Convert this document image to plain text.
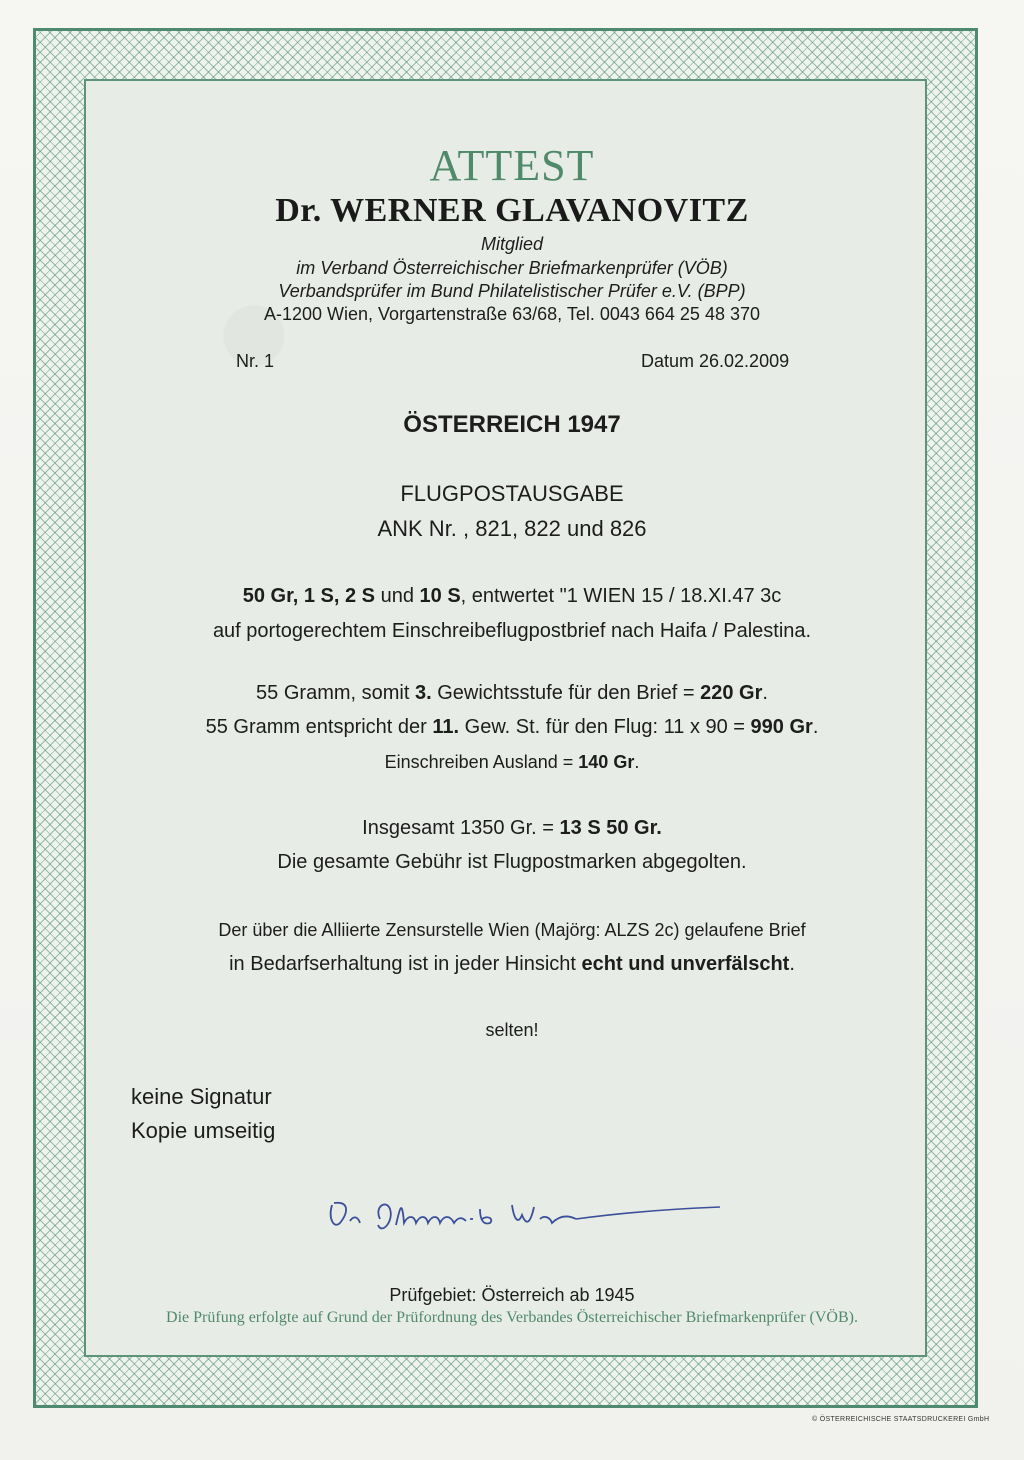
ATTEST
Dr. WERNER GLAVANOVITZ
Mitglied
im Verband Österreichischer Briefmarkenprüfer (VÖB)
Verbandsprüfer im Bund Philatelistischer Prüfer e.V. (BPP)
A-1200 Wien, Vorgartenstraße 63/68, Tel. 0043 664 25 48 370
Nr. 1	Datum 26.02.2009
ÖSTERREICH 1947
FLUGPOSTAUSGABE
ANK Nr. , 821, 822 und 826
50 Gr, 1 S, 2 S und 10 S, entwertet "1 WIEN 15 / 18.XI.47 3c
auf portogerechtem Einschreibeflugpostbrief nach Haifa / Palestina.
55 Gramm, somit 3. Gewichtsstufe für den Brief = 220 Gr.
55 Gramm entspricht der 11. Gew. St. für den Flug: 11 x 90 = 990 Gr.
Einschreiben Ausland = 140 Gr.
Insgesamt 1350 Gr. = 13 S 50 Gr.
Die gesamte Gebühr ist Flugpostmarken abgegolten.
Der über die Alliierte Zensurstelle Wien (Majörg: ALZS 2c) gelaufene Brief
in Bedarfserhaltung ist in jeder Hinsicht echt und unverfälscht.
selten!
keine Signatur
Kopie umseitig
Prüfgebiet: Österreich ab 1945
Die Prüfung erfolgte auf Grund der Prüfordnung des Verbandes Österreichischer Briefmarkenprüfer (VÖB).
© ÖSTERREICHISCHE STAATSDRUCKEREI GmbH
